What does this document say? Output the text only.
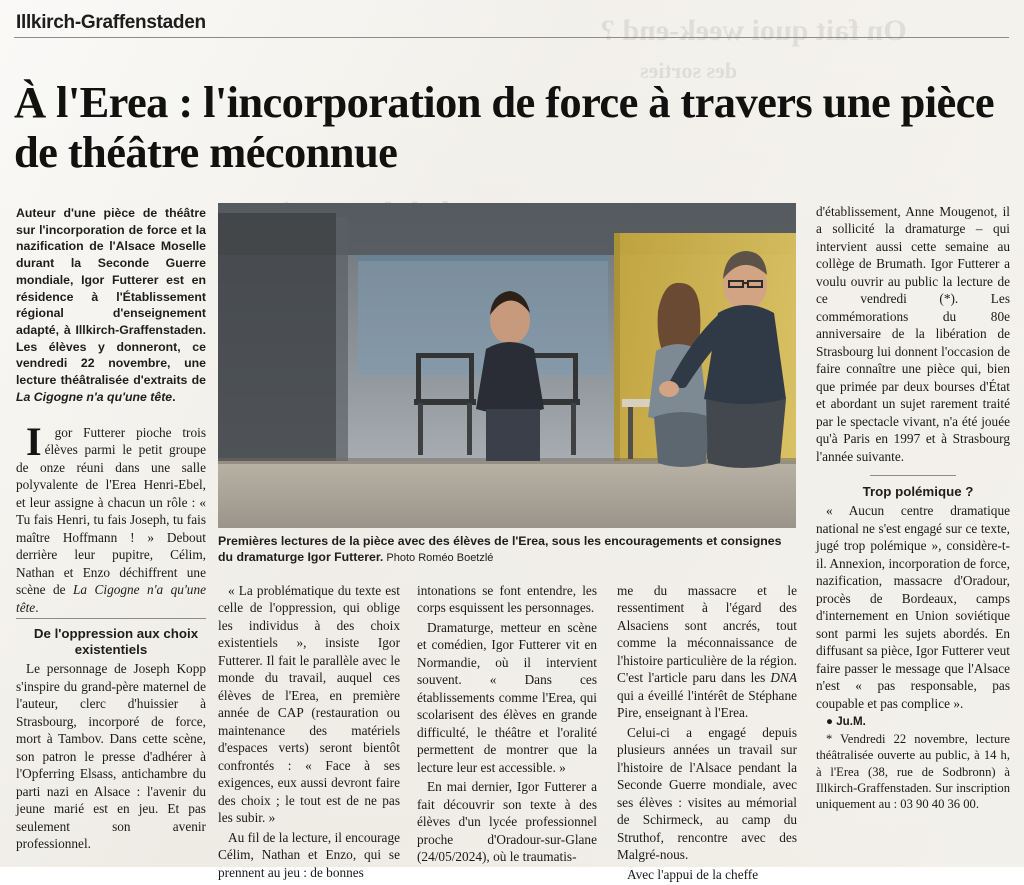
On fait quoi week-end ?
des sorties
Illkirch-Graffenstaden
À l'Erea : l'incorporation de force à travers une pièce de théâtre méconnue
Auteur d'une pièce de théâtre sur l'incorporation de force et la nazification de l'Alsace Moselle durant la Seconde Guerre mondiale, Igor Futterer est en résidence à l'Établissement régional d'enseignement adapté, à Illkirch-Graffenstaden. Les élèves y donneront, ce vendredi 22 novembre, une lecture théâtralisée d'extraits de La Cigogne n'a qu'une tête.
Premières lectures de la pièce avec des élèves de l'Erea, sous les encouragements et consignes du dramaturge Igor Futterer. Photo Roméo Boetzlé

Igor Futterer pioche trois élèves parmi le petit groupe de onze réuni dans une salle polyvalente de l'Erea Henri-Ebel, et leur assigne à chacun un rôle : « Tu fais Henri, tu fais Joseph, tu fais maître Hoffmann ! » Debout derrière leur pupitre, Célim, Nathan et Enzo déchiffrent une scène de La Cigogne n'a qu'une tête.

De l'oppression aux choix existentiels

Le personnage de Joseph Kopp s'inspire du grand-père maternel de l'auteur, clerc d'huissier à Strasbourg, incorporé de force, mort à Tambov. Dans cette scène, son patron le presse d'adhérer à l'Opferring Elsass, antichambre du parti nazi en Alsace : l'avenir du jeune marié est en jeu. Et pas seulement son avenir professionnel.

« La problématique du texte est celle de l'oppression, qui oblige les individus à des choix existentiels », insiste Igor Futterer. Il fait le parallèle avec le monde du travail, auquel ces élèves de l'Erea, en première année de CAP (restauration ou maintenance des matériels d'espaces verts) seront bientôt confrontés : « Face à ses exigences, eux aussi devront faire des choix ; le tout est de ne pas les subir. »

Au fil de la lecture, il encourage Célim, Nathan et Enzo, qui se prennent au jeu : de bonnes

intonations se font entendre, les corps esquissent les personnages.

Dramaturge, metteur en scène et comédien, Igor Futterer vit en Normandie, où il intervient souvent. « Dans ces établissements comme l'Erea, qui scolarisent des élèves en grande difficulté, le théâtre et l'oralité permettent de montrer que la lecture leur est accessible. »

En mai dernier, Igor Futterer a fait découvrir son texte à des élèves d'un lycée professionnel proche d'Oradour-sur-Glane (24/05/2024), où le traumatis-

me du massacre et le ressentiment à l'égard des Alsaciens sont ancrés, tout comme la méconnaissance de l'histoire particulière de la région. C'est l'article paru dans les DNA qui a éveillé l'intérêt de Stéphane Pire, enseignant à l'Erea.

Celui-ci a engagé depuis plusieurs années un travail sur l'histoire de l'Alsace pendant la Seconde Guerre mondiale, avec ses élèves : visites au mémorial de Schirmeck, au camp du Struthof, rencontre avec des Malgré-nous.

Avec l'appui de la cheffe

d'établissement, Anne Mougenot, il a sollicité la dramaturge – qui intervient aussi cette semaine au collège de Brumath. Igor Futterer a voulu ouvrir au public la lecture de ce vendredi (*). Les commémorations du 80e anniversaire de la libération de Strasbourg lui donnent l'occasion de faire connaître une pièce qui, bien que primée par deux bourses d'État et abordant un sujet rarement traité par le spectacle vivant, n'a été jouée qu'à Paris en 1997 et à Strasbourg l'année suivante.

Trop polémique ?

« Aucun centre dramatique national ne s'est engagé sur ce texte, jugé trop polémique », considère-t-il. Annexion, incorporation de force, nazification, massacre d'Oradour, procès de Bordeaux, camps d'internement en Union soviétique sont parmi les sujets abordés. En diffusant sa pièce, Igor Futterer veut faire passer le message que l'Alsace n'est « pas responsable, pas coupable et pas complice ».

● Ju.M.

* Vendredi 22 novembre, lecture théâtralisée ouverte au public, à 14 h, à l'Erea (38, rue de Sodbronn) à Illkirch-Graffenstaden. Sur inscription uniquement au : 03 90 40 36 00.
